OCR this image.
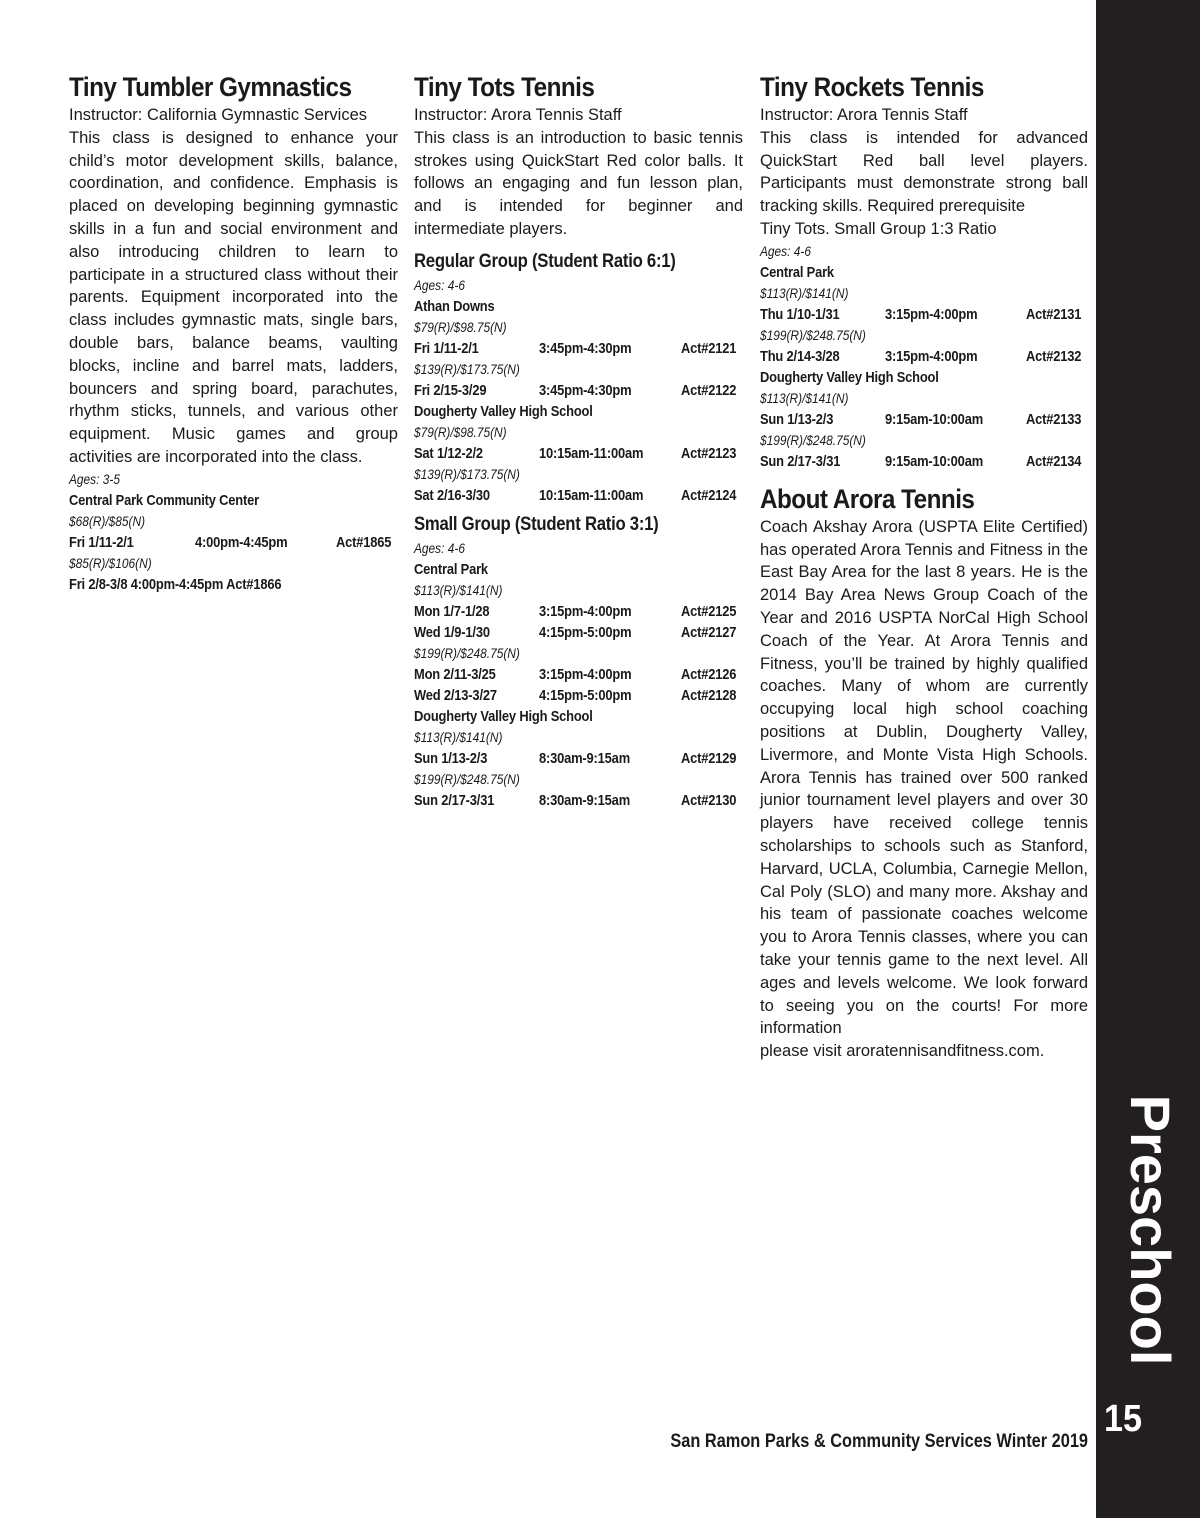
Tiny Tumbler Gymnastics
Instructor: California Gymnastic Services
This class is designed to enhance your child’s motor development skills, balance, coordination, and confidence. Emphasis is placed on developing beginning gymnastic skills in a fun and social environment and also introducing children to learn to participate in a structured class without their parents. Equipment incorporated into the class includes gymnastic mats, single bars, double bars, balance beams, vaulting blocks, incline and barrel mats, ladders, bouncers and spring board, parachutes, rhythm sticks, tunnels, and various other equipment. Music games and group activities are incorporated into the class.
Ages: 3-5
Central Park Community Center
$68(R)/$85(N)
Fri 1/11-2/1	4:00pm-4:45pm	Act#1865
$85(R)/$106(N)
Fri 2/8-3/8 4:00pm-4:45pm Act#1866
Tiny Tots Tennis
Instructor: Arora Tennis Staff
This class is an introduction to basic tennis strokes using QuickStart Red color balls. It follows an engaging and fun lesson plan, and is intended for beginner and intermediate players.
Regular Group (Student Ratio 6:1)
Ages: 4-6
Athan Downs
$79(R)/$98.75(N)
Fri 1/11-2/1	3:45pm-4:30pm	Act#2121
$139(R)/$173.75(N)
Fri 2/15-3/29	3:45pm-4:30pm	Act#2122
Dougherty Valley High School
$79(R)/$98.75(N)
Sat 1/12-2/2	10:15am-11:00am	Act#2123
$139(R)/$173.75(N)
Sat 2/16-3/30	10:15am-11:00am	Act#2124
Small Group (Student Ratio 3:1)
Ages: 4-6
Central Park
$113(R)/$141(N)
Mon 1/7-1/28	3:15pm-4:00pm	Act#2125
Wed 1/9-1/30	4:15pm-5:00pm	Act#2127
$199(R)/$248.75(N)
Mon 2/11-3/25	3:15pm-4:00pm	Act#2126
Wed 2/13-3/27	4:15pm-5:00pm	Act#2128
Dougherty Valley High School
$113(R)/$141(N)
Sun 1/13-2/3	8:30am-9:15am	Act#2129
$199(R)/$248.75(N)
Sun 2/17-3/31	8:30am-9:15am	Act#2130
Tiny Rockets Tennis
Instructor: Arora Tennis Staff
This class is intended for advanced QuickStart Red ball level players. Participants must demonstrate strong ball tracking skills. Required prerequisite
Tiny Tots. Small Group 1:3 Ratio
Ages: 4-6
Central Park
$113(R)/$141(N)
Thu 1/10-1/31	3:15pm-4:00pm	Act#2131
$199(R)/$248.75(N)
Thu 2/14-3/28	3:15pm-4:00pm	Act#2132
Dougherty Valley High School
$113(R)/$141(N)
Sun 1/13-2/3	9:15am-10:00am	Act#2133
$199(R)/$248.75(N)
Sun 2/17-3/31	9:15am-10:00am	Act#2134
About Arora Tennis
Coach Akshay Arora (USPTA Elite Certified) has operated Arora Tennis and Fitness in the East Bay Area for the last 8 years. He is the 2014 Bay Area News Group Coach of the Year and 2016 USPTA NorCal High School Coach of the Year. At Arora Tennis and Fitness, you’ll be trained by highly qualified coaches. Many of whom are currently occupying local high school coaching positions at Dublin, Dougherty Valley, Livermore, and Monte Vista High Schools. Arora Tennis has trained over 500 ranked junior tournament level players and over 30 players have received college tennis scholarships to schools such as Stanford, Harvard, UCLA, Columbia, Carnegie Mellon, Cal Poly (SLO) and many more. Akshay and his team of passionate coaches welcome you to Arora Tennis classes, where you can take your tennis game to the next level. All ages and levels welcome. We look forward to seeing you on the courts! For more information
please visit aroratennisandfitness.com.
Preschool
15
San Ramon Parks & Community Services Winter 2019
